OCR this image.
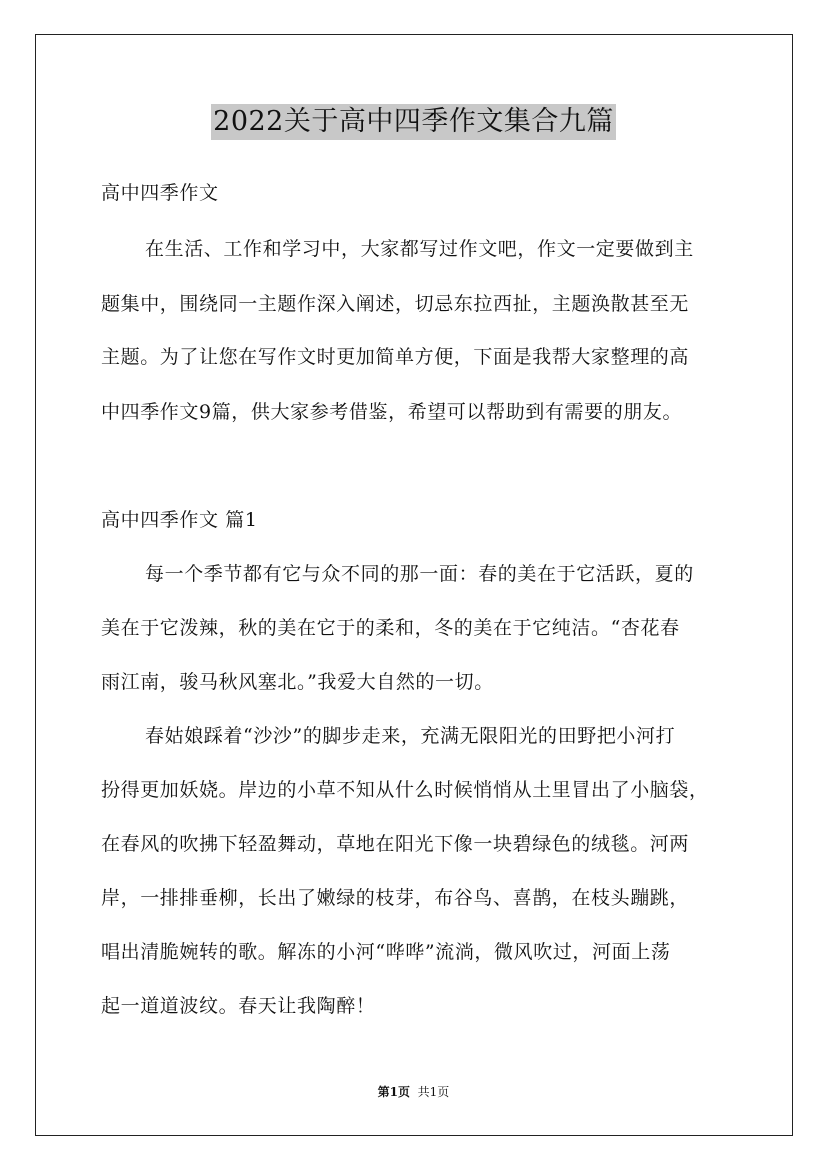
2022关于高中四季作文集合九篇
高中四季作文
在生活、工作和学习中，大家都写过作文吧，作文一定要做到主
题集中，围绕同一主题作深入阐述，切忌东拉西扯，主题涣散甚至无
主题。为了让您在写作文时更加简单方便，下面是我帮大家整理的高
中四季作文9篇，供大家参考借鉴，希望可以帮助到有需要的朋友。
高中四季作文 篇1
每一个季节都有它与众不同的那一面：春的美在于它活跃，夏的
美在于它泼辣，秋的美在它于的柔和，冬的美在于它纯洁。“杏花春
雨江南，骏马秋风塞北。”我爱大自然的一切。
春姑娘踩着“沙沙”的脚步走来，充满无限阳光的田野把小河打
扮得更加妖娆。岸边的小草不知从什么时候悄悄从土里冒出了小脑袋，
在春风的吹拂下轻盈舞动，草地在阳光下像一块碧绿色的绒毯。河两
岸，一排排垂柳，长出了嫩绿的枝芽，布谷鸟、喜鹊，在枝头蹦跳，
唱出清脆婉转的歌。解冻的小河“哗哗”流淌，微风吹过，河面上荡
起一道道波纹。春天让我陶醉！
第1页 共1页
